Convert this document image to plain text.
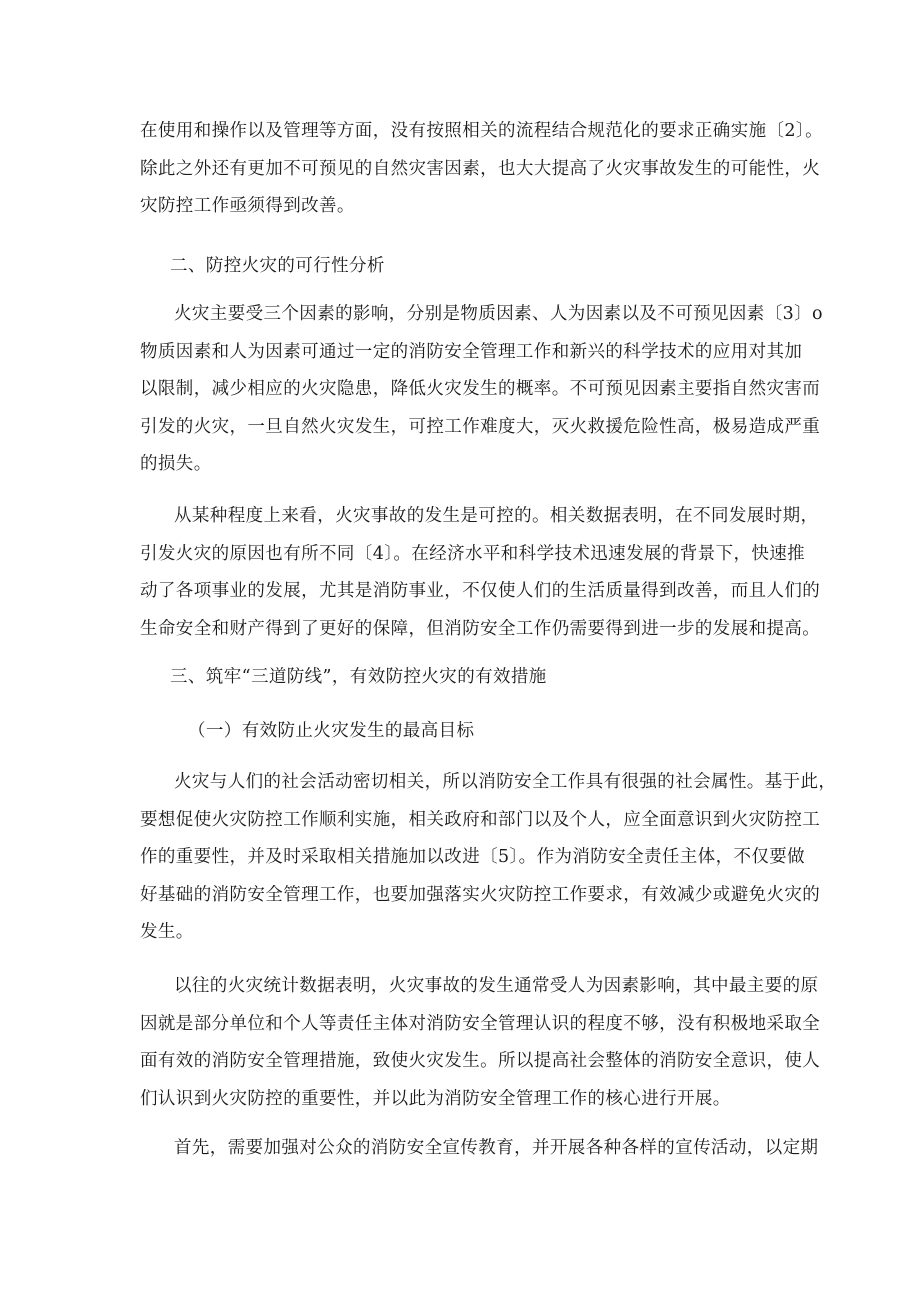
在使用和操作以及管理等方面，没有按照相关的流程结合规范化的要求正确实施〔2〕。
除此之外还有更加不可预见的自然灾害因素，也大大提高了火灾事故发生的可能性，火
灾防控工作亟须得到改善。

二、防控火灾的可行性分析

火灾主要受三个因素的影响，分别是物质因素、人为因素以及不可预见因素〔3〕o
物质因素和人为因素可通过一定的消防安全管理工作和新兴的科学技术的应用对其加
以限制，减少相应的火灾隐患，降低火灾发生的概率。不可预见因素主要指自然灾害而
引发的火灾，一旦自然火灾发生，可控工作难度大，灭火救援危险性高，极易造成严重
的损失。

从某种程度上来看，火灾事故的发生是可控的。相关数据表明，在不同发展时期，
引发火灾的原因也有所不同〔4〕。在经济水平和科学技术迅速发展的背景下，快速推
动了各项事业的发展，尤其是消防事业，不仅使人们的生活质量得到改善，而且人们的
生命安全和财产得到了更好的保障，但消防安全工作仍需要得到进一步的发展和提高。

三、筑牢“三道防线”，有效防控火灾的有效措施
（一）有效防止火灾发生的最高目标

火灾与人们的社会活动密切相关，所以消防安全工作具有很强的社会属性。基于此，
要想促使火灾防控工作顺利实施，相关政府和部门以及个人，应全面意识到火灾防控工
作的重要性，并及时采取相关措施加以改进〔5〕。作为消防安全责任主体，不仅要做
好基础的消防安全管理工作，也要加强落实火灾防控工作要求，有效减少或避免火灾的
发生。

以往的火灾统计数据表明，火灾事故的发生通常受人为因素影响，其中最主要的原
因就是部分单位和个人等责任主体对消防安全管理认识的程度不够，没有积极地采取全
面有效的消防安全管理措施，致使火灾发生。所以提高社会整体的消防安全意识，使人
们认识到火灾防控的重要性，并以此为消防安全管理工作的核心进行开展。

首先，需要加强对公众的消防安全宣传教育，并开展各种各样的宣传活动，以定期
